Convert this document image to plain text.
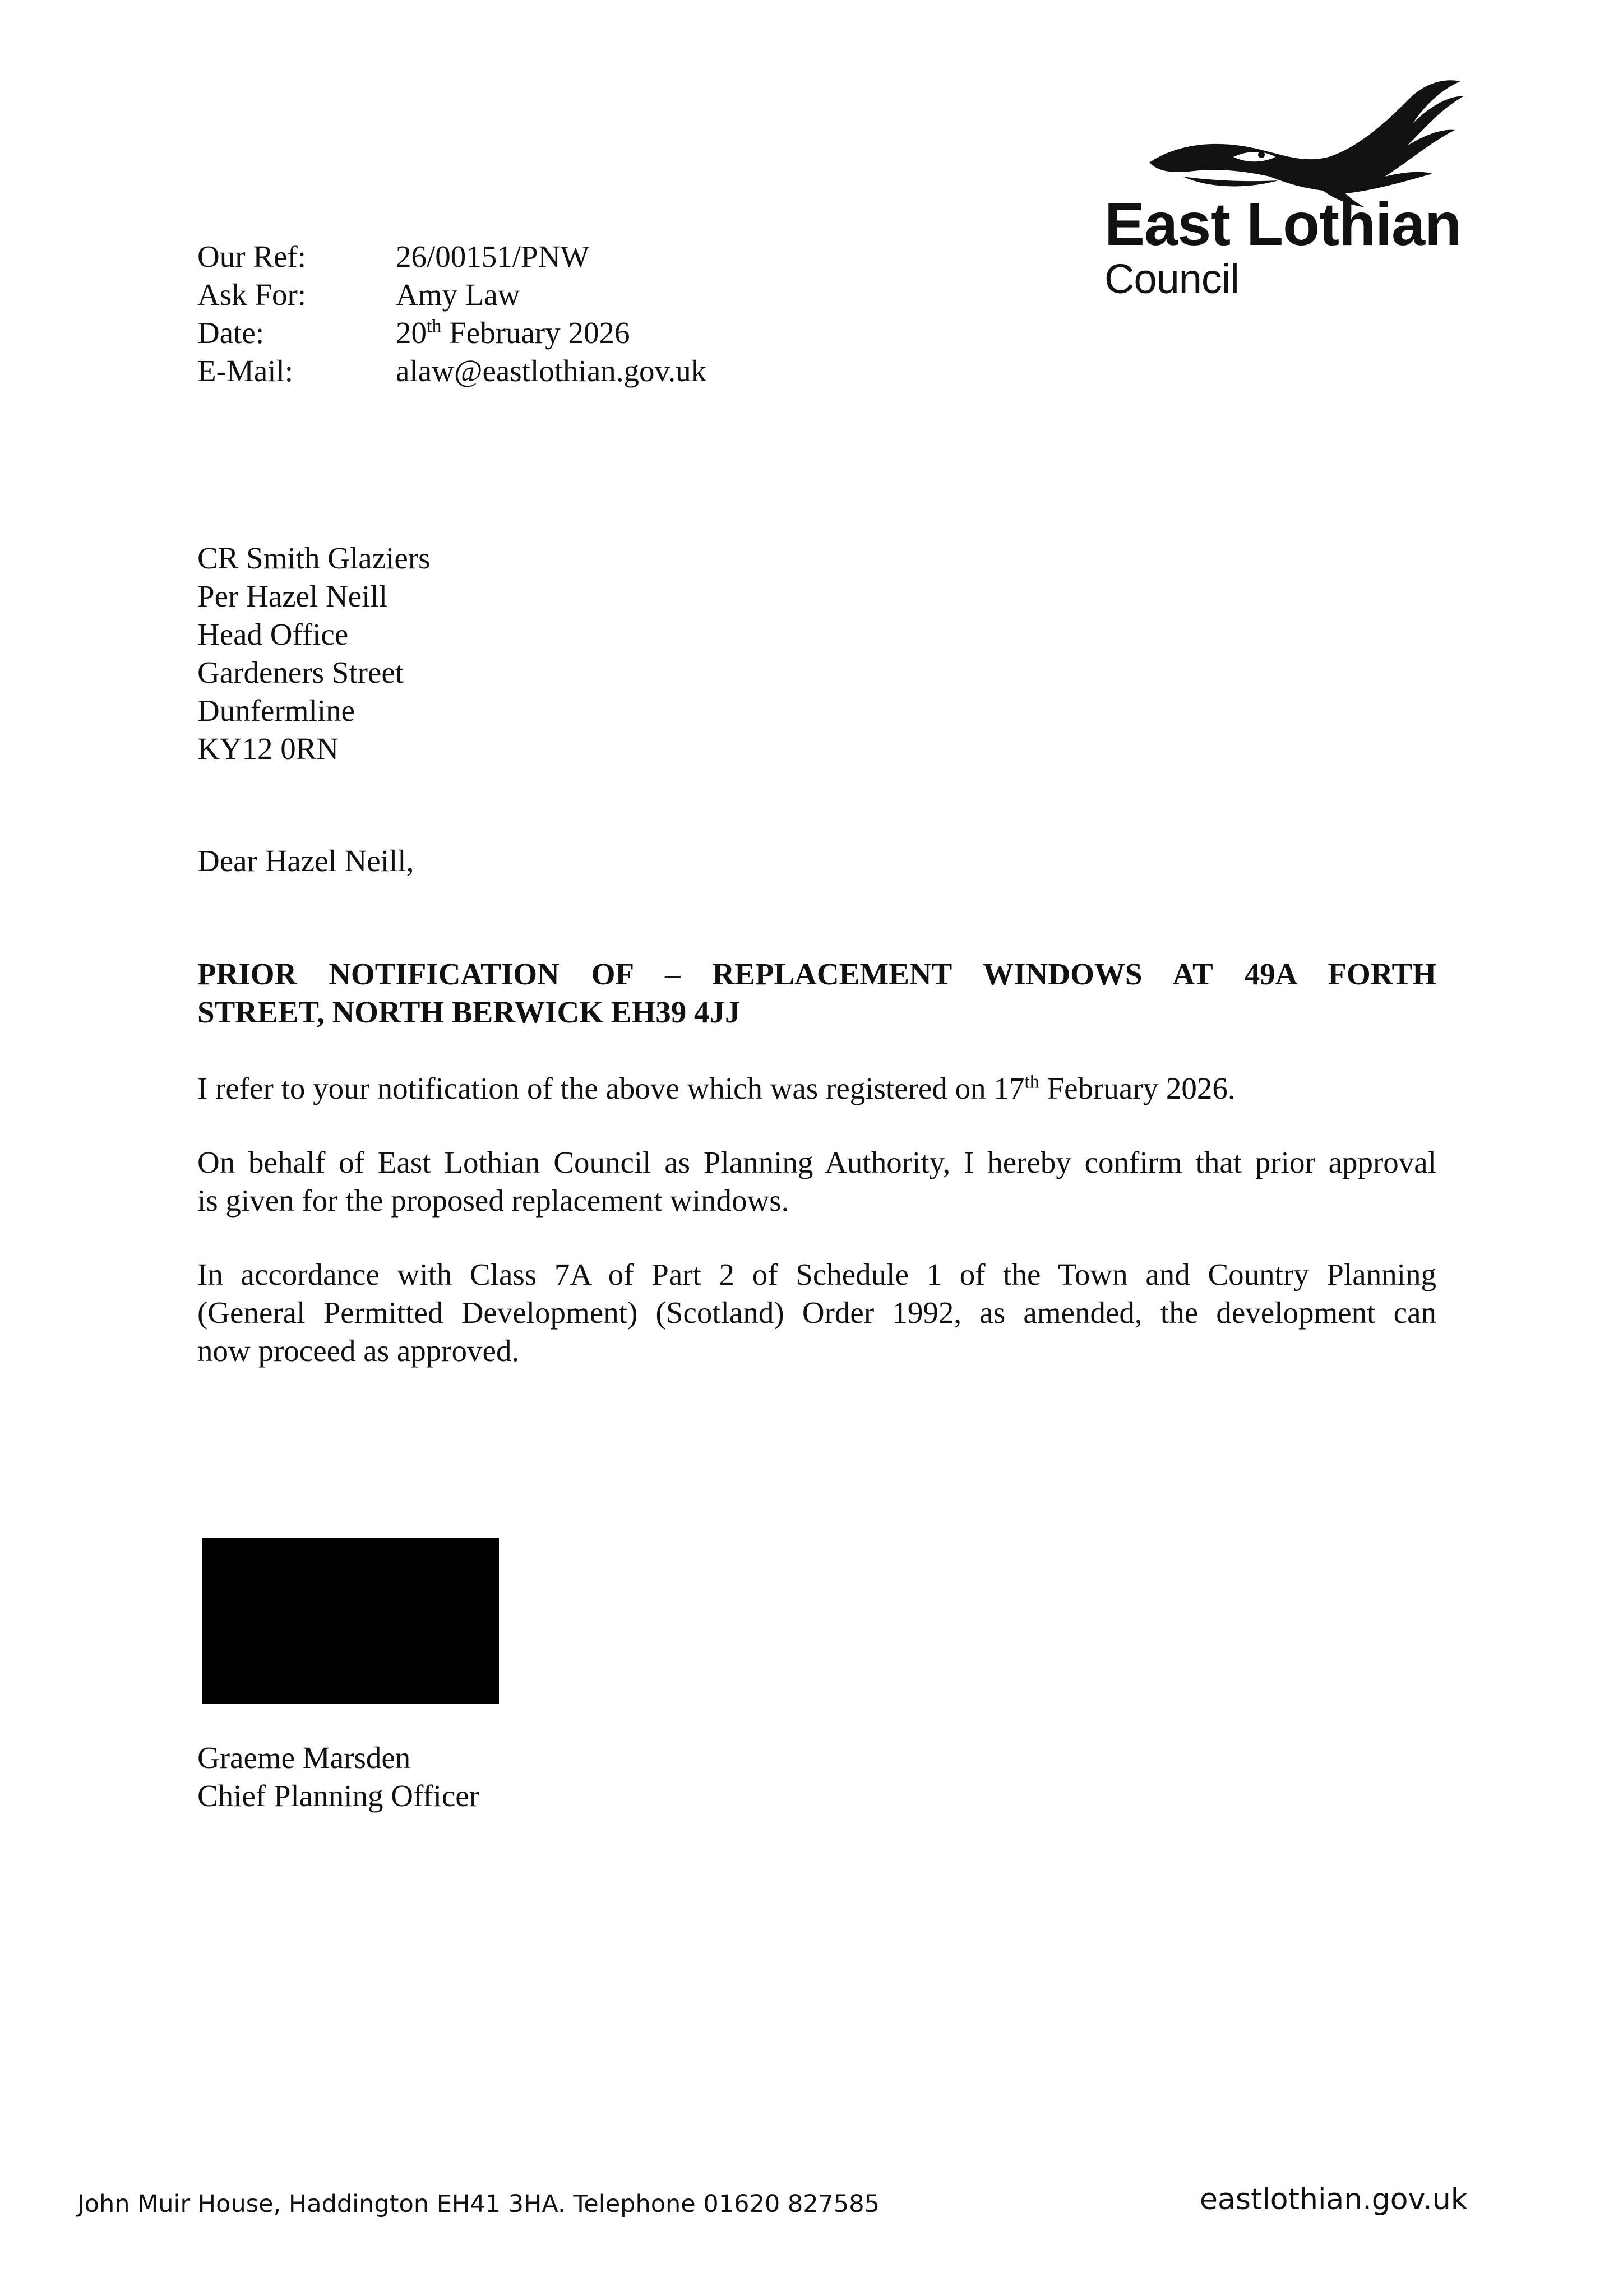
East Lothian
Council
Our Ref:	26/00151/PNW
Ask For:	Amy Law
Date:	20th February 2026
E-Mail:	alaw@eastlothian.gov.uk
CR Smith Glaziers
Per Hazel Neill
Head Office
Gardeners Street
Dunfermline
KY12 0RN
Dear Hazel Neill,
PRIOR NOTIFICATION OF – REPLACEMENT WINDOWS AT 49A FORTH
STREET, NORTH BERWICK EH39 4JJ
I refer to your notification of the above which was registered on 17th February 2026.
On behalf of East Lothian Council as Planning Authority, I hereby confirm that prior approval
is given for the proposed replacement windows.
In accordance with Class 7A of Part 2 of Schedule 1 of the Town and Country Planning
(General Permitted Development) (Scotland) Order 1992, as amended, the development can
now proceed as approved.
Graeme Marsden
Chief Planning Officer
John Muir House, Haddington EH41 3HA. Telephone 01620 827585	eastlothian.gov.uk
